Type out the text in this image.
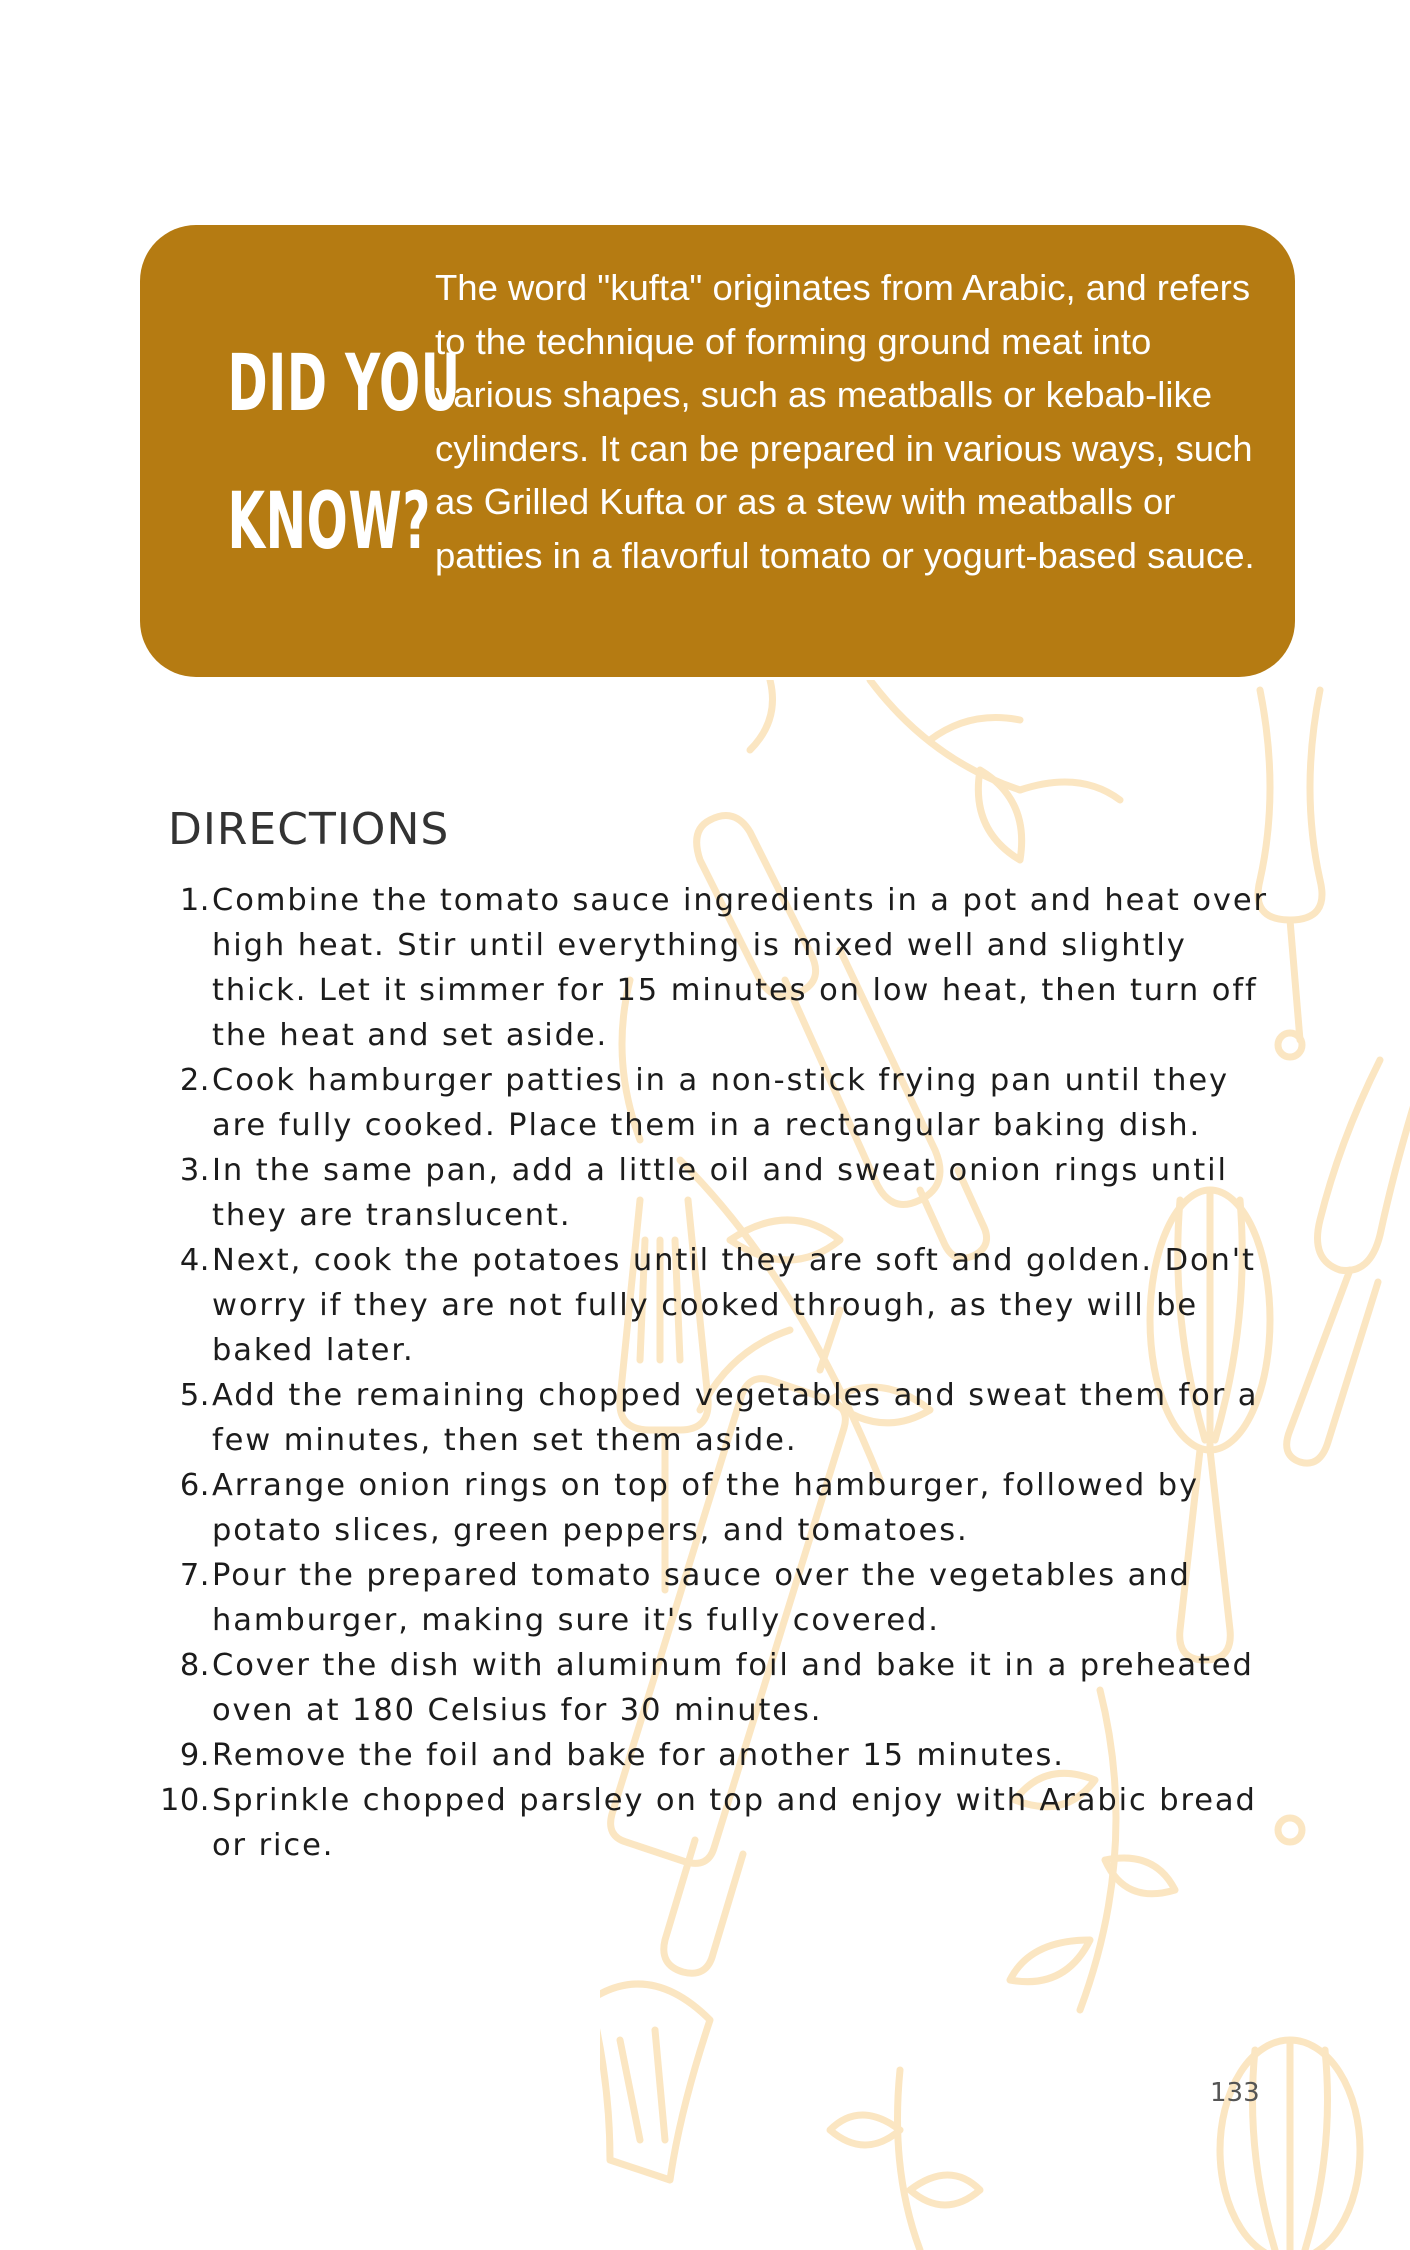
DID YOU
KNOW?

The word "kufta" originates from Arabic, and refers to the technique of forming ground meat into various shapes, such as meatballs or kebab-like cylinders. It can be prepared in various ways, such as Grilled Kufta or as a stew with meatballs or patties in a flavorful tomato or yogurt-based sauce.

DIRECTIONS
1. Combine the tomato sauce ingredients in a pot and heat over high heat. Stir until everything is mixed well and slightly thick. Let it simmer for 15 minutes on low heat, then turn off the heat and set aside.
2. Cook hamburger patties in a non-stick frying pan until they are fully cooked. Place them in a rectangular baking dish.
3. In the same pan, add a little oil and sweat onion rings until they are translucent.
4. Next, cook the potatoes until they are soft and golden. Don't worry if they are not fully cooked through, as they will be baked later.
5. Add the remaining chopped vegetables and sweat them for a few minutes, then set them aside.
6. Arrange onion rings on top of the hamburger, followed by potato slices, green peppers, and tomatoes.
7. Pour the prepared tomato sauce over the vegetables and hamburger, making sure it's fully covered.
8. Cover the dish with aluminum foil and bake it in a preheated oven at 180 Celsius for 30 minutes.
9. Remove the foil and bake for another 15 minutes.
10. Sprinkle chopped parsley on top and enjoy with Arabic bread or rice.
133
